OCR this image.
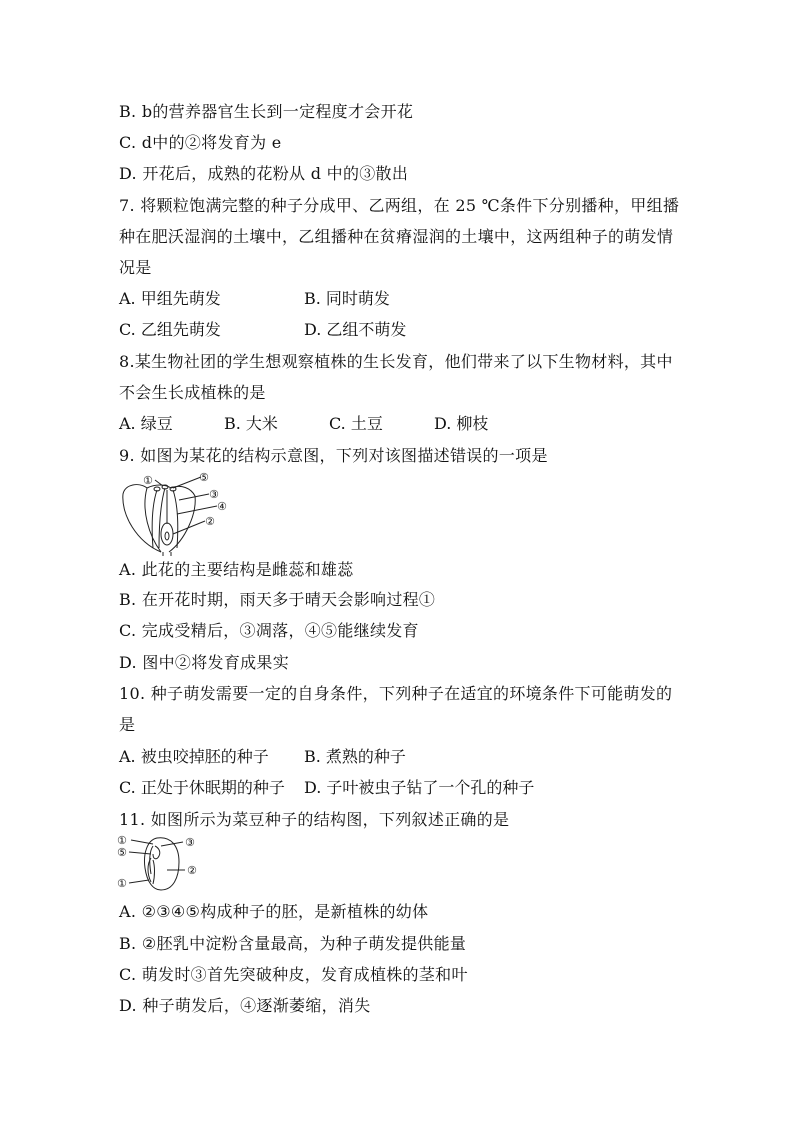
B. b的营养器官生长到一定程度才会开花
C. d中的②将发育为 e
D. 开花后，成熟的花粉从 d 中的③散出
7. 将颗粒饱满完整的种子分成甲、乙两组，在 25 ℃条件下分别播种，甲组播
种在肥沃湿润的土壤中，乙组播种在贫瘠湿润的土壤中，这两组种子的萌发情
况是
A. 甲组先萌发	B. 同时萌发
C. 乙组先萌发	D. 乙组不萌发
8.某生物社团的学生想观察植株的生长发育，他们带来了以下生物材料，其中
不会生长成植株的是
A. 绿豆	B. 大米	C. 土豆	D. 柳枝
9. 如图为某花的结构示意图，下列对该图描述错误的一项是
①	⑤
③
④
②
A. 此花的主要结构是雌蕊和雄蕊
B. 在开花时期，雨天多于晴天会影响过程①
C. 完成受精后，③凋落，④⑤能继续发育
D. 图中②将发育成果实
10. 种子萌发需要一定的自身条件，下列种子在适宜的环境条件下可能萌发的
是
A. 被虫咬掉胚的种子 B. 煮熟的种子
C. 正处于休眠期的种子 D. 子叶被虫子钻了一个孔的种子
11. 如图所示为菜豆种子的结构图，下列叙述正确的是
①	③
⑤
②
①
A. ②③④⑤构成种子的胚，是新植株的幼体
B. ②胚乳中淀粉含量最高，为种子萌发提供能量
C. 萌发时③首先突破种皮，发育成植株的茎和叶
D. 种子萌发后，④逐渐萎缩，消失
